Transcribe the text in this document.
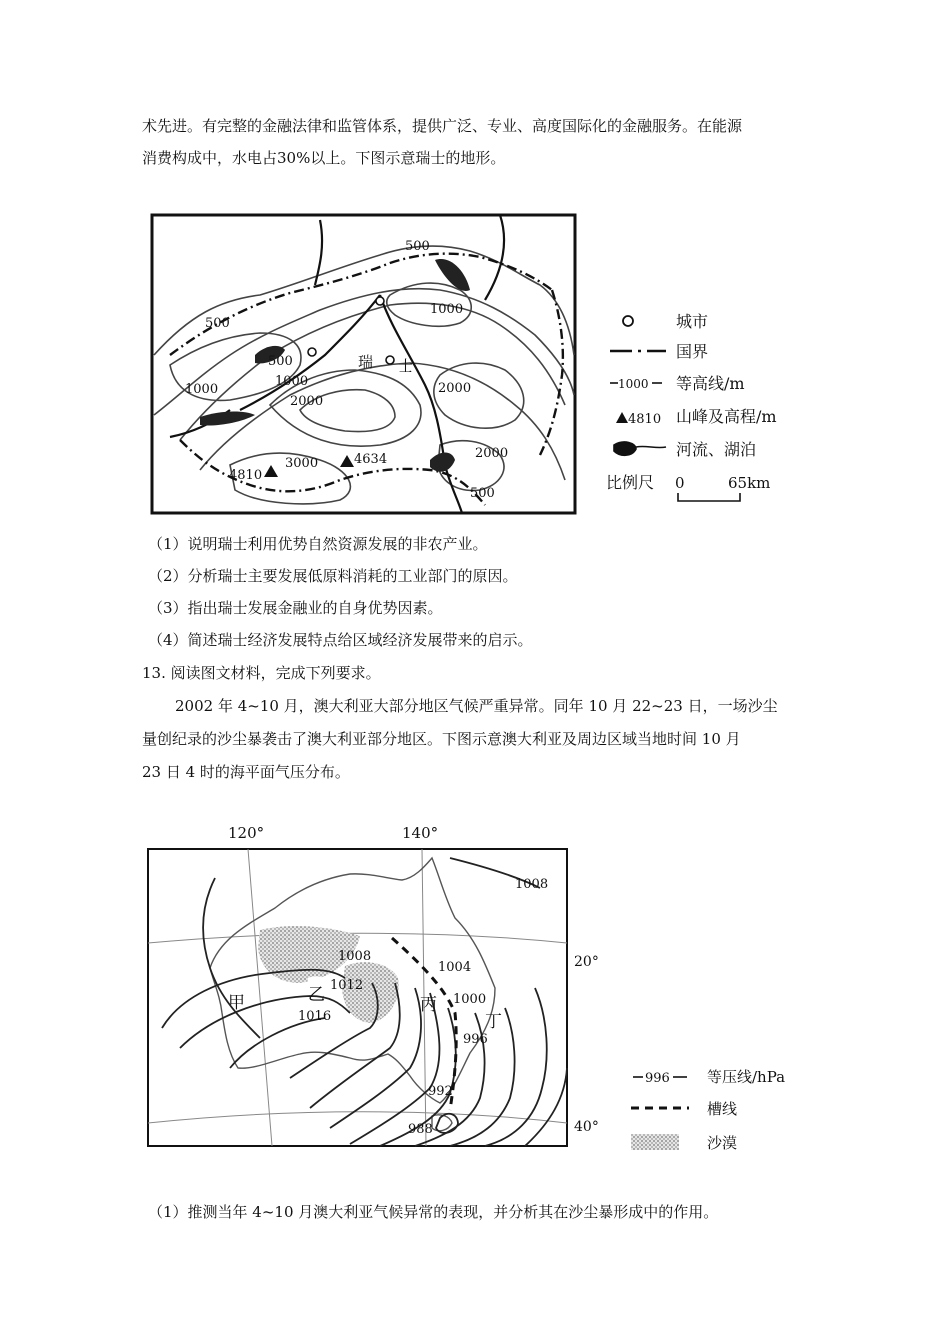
术先进。有完整的金融法律和监管体系，提供广泛、专业、高度国际化的金融服务。在能源
消费构成中，水电占30%以上。下图示意瑞士的地形。
500
500
1000
500
1000
2000
1000
2000
3000
2000
500
瑞 士
4810
4634
城市
国界
1000 等高线/m
4810 山峰及高程/m
河流、湖泊
比例尺 0	65km
（1）说明瑞士利用优势自然资源发展的非农产业。
（2）分析瑞士主要发展低原料消耗的工业部门的原因。
（3）指出瑞士发展金融业的自身优势因素。
（4）简述瑞士经济发展特点给区域经济发展带来的启示。
13. 阅读图文材料，完成下列要求。
2002 年 4~10 月，澳大利亚大部分地区气候严重异常。同年 10 月 22~23 日，一场沙尘
量创纪录的沙尘暴袭击了澳大利亚部分地区。下图示意澳大利亚及周边区域当地时间 10 月
23 日 4 时的海平面气压分布。
120°	140°
1008
1008
1004
1012
1000
1016
996
992
988
甲	乙	丙
丁
20°
40°
996 等压线/hPa
槽线
沙漠
（1）推测当年 4~10 月澳大利亚气候异常的表现，并分析其在沙尘暴形成中的作用。
